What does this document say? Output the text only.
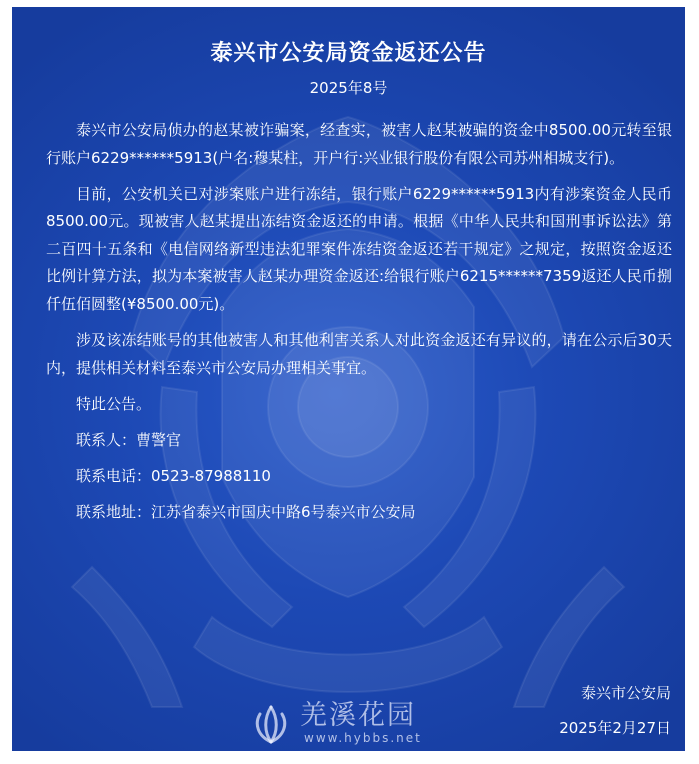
泰兴市公安局资金返还公告
2025年8号

泰兴市公安局侦办的赵某被诈骗案，经查实，被害人赵某被骗的资金中8500.00元转至银行账户6229******5913(户名:穆某柱，开户行:兴业银行股份有限公司苏州相城支行)。

目前，公安机关已对涉案账户进行冻结，银行账户6229******5913内有涉案资金人民币8500.00元。现被害人赵某提出冻结资金返还的申请。根据《中华人民共和国刑事诉讼法》第二百四十五条和《电信网络新型违法犯罪案件冻结资金返还若干规定》之规定，按照资金返还比例计算方法，拟为本案被害人赵某办理资金返还:给银行账户6215******7359返还人民币捌仟伍佰圆整(¥8500.00元)。

涉及该冻结账号的其他被害人和其他利害关系人对此资金返还有异议的，请在公示后30天内，提供相关材料至泰兴市公安局办理相关事宜。

特此公告。

联系人：曹警官

联系电话：0523-87988110

联系地址：江苏省泰兴市国庆中路6号泰兴市公安局

泰兴市公安局
2025年2月27日
羌溪花园
www.hybbs.net
